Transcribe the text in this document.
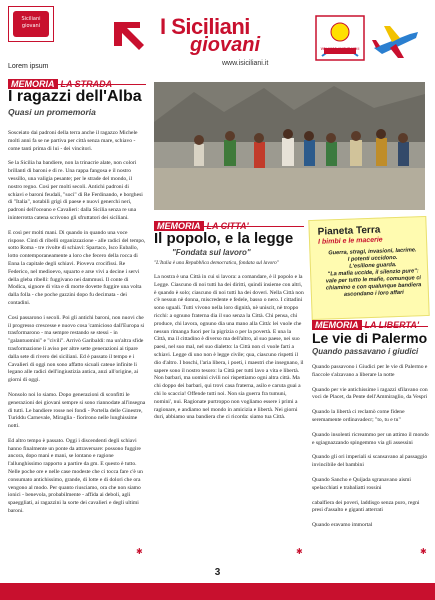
Siciliani giovani
Lorem ipsum
I Siciliani
giovani
www.isiciliani.it
VOLIAMO ANCHE NOI I SICILIANI GIOVANI
MEMORIA LA STRADA
I ragazzi dell'Alba
Quasi un promemoria

Sosceiato dai padroni della terra anche il ragazzo Michele molti anni fa se ne partiva per città senza mare, schiavo - come tanti prima di lui - dei vincitori.

Se la Sicilia ha bandiere, non la trinacrie alate, non colori brillanti di baroni e di re. Una rappa fangosa e il nostro vessillo, una valigia pesante; per le strade del mondo, il nostro regno. Così per molti secoli. Antichi padroni di schiavi e baroni feudali, "soci" di Re Ferdinando, e borghesi di "Italia", notabili grigi di paese e nuovi generchi neri, padroni dell'oceano e Cavalieri: dalla Sicilia senza re una ininterrotta catena scrivono gli sfruttatori dei siciliani.

E così per molti mani. Di quando in quando una voce rispose. Cinti di ribelli organizzazione - alle radici del tempo, sotto Roma - tre rivolte di schiavi: Spartaco, Isco Euballo, lotto contemporaneamente a loro che fecero della rocca di Enna la capitale degli schiavi. Pioveva crocifissi. Re Federico, nel medioevo, squarto e arse vivi a decine i servi della gleba ribelli: fuggivano nei dammusi. Il conte di Modica, signore di vita e di morte dovette fuggire una volta dalla folla - che poche gazzini dopo fu decimata - dei contadini.

Così passarono i secoli. Poi gli antichi baroni, non nuovi che il progresso crescesse e nuovo cosa 'camicioso dall'Europa si trasformarono - ma sempre restando se stessi - in "galantuomini" e "civili". Arrivò Garibaldi: ma un'altra sfide trasformazione li aviso per altre sette generazioni ai tipare dalla sete di rivero dei siciliani. Ed è passato il tempo e i Cavalieri di oggi non sono affatto sicuali cateue infinite li legano alle radici dell'ingiustizia antica, anzi all'origine, ai giorni di oggi.

Nonsolo noi lo siamo. Dopo generazioni di sconfitti le generazioni dei giovani sempre si sono riannodate all'insegna di tutti. Le bandiere rosse nei fondi - Portella delle Ginestre, Turiddu Carnevale, Miraglia - fiorirono nelle lunghissime notti.

Ed altro tempo è passato. Oggi i discendenti degli schiavi hanno finalmente un ponte da attraversare: possono fuggire ancora, dopo mani e mani, se lontano e ragione l'allunghissimo rapporto a partire da gm. E questo è tutto. Nelle poche ore e nelle case modeste che ci tocca fare c'è un consumato antichissimo, grande, di lotte e di dolori che ora vengono al modo. Per quanto riusciamo, ora che non siamo ionici - benevola, probabilmente - affida ai deboli, agli spaeggliati, ai ragazzini la sorte dei cavalieri e degli ultimi baroni.

✱
MEMORIA LA CITTA'
Il popolo, e la legge
"Fondata sul lavoro"
"L'Italia è una Repubblica democratica, fondata sul lavoro"

La nostra è una Città in cui si lavora: a comandare, è il popolo e la Legge. Ciascuno di noi tutti ha dei diritti, quindi insieme con altri, è quando è solo; ciascuno di noi tutti ha dei doveri. Nella Città non c'è nessun nè donna, miscredente e fedele, basso o nero. I cittadini sono uguali. Tutti vivono nella loro dignità, nè uniscit, nè troppo ricchi: a ognuno fraterna dia il suo senza la Città. Chi pensa, chi produce, chi lavora, ognuno dia una mano alla Città: lei vuole che nessun rimanga fuori per la pigrizia o per la povertà. E una la Città, ma il cittadino è diverso ma dell'altro, al suo paese, nei suo paesi, nel suo mal, nel suo dialetto: la Città non ci vuole farti a schiavi. Legge di uno non è legge civile; qua, ciascuno rispetti il dio d'altro. I boschi, l'aria libera, i poeti, i maestri che insegnano, il sapere sono il nostro tesoro: la Città per tutti lavo a vita e libertà. Non barbari, ma uomini civili noi rispettiamo ogni altra città. Ma chi doppo dei barbari, qui trovi casa fraterna, asilo e caruta guai a chi lo scaccia! Offende tutti noi. Non sia guerra fra tumuni, nomini', nui. Ragionate purtroppo non vogliamo essere i primi a ragionare, e andiamo nel mondo in amicizia e libertà. Nei giorni duri, abbiamo una bandiera che ci ricorda: siamo tua Città.

✱
Pianeta Terra
I bimbi e le macerie
Guerra, stragi, invasioni, lacrime.
I potenti uccidono.
L'esilione guarda.
"La mafia uccide, il silenzio pure":
vale per tutto le mafie, comunque ci chiamino e con qualunque bandiera ascondano i loro affari
MEMORIA LA LIBERTA'
Le vie di Palermo
Quando passavano i giudici

Quando passavono i Giudici per le vie di Palermo e fiaccole s'alzavano a liberare la notte

Quando per vie antichissime i ragazzi sfilavano con voci de Placet, da Pente dell'Ammiraglio, da Vespri

Quando la libertà ci reclamò come fidene seremamente ordinavadecr; "to, tu e tu"

Quando insolenti ricreammo per un attimo il mondo e sgiagnazzando spingemmo via gli assessini

Quando gli ori imperiali si scansavano al passaggio invincibile del bambini

Quando Sancho e Quijada sgranavano aismi spelacchiati e trabaliatti rossini

cabalfiera dei poveri, laddisgo senza puro, regni presi d'assalto e giganti atterrati

Quando eravamo immortal

✱
3
